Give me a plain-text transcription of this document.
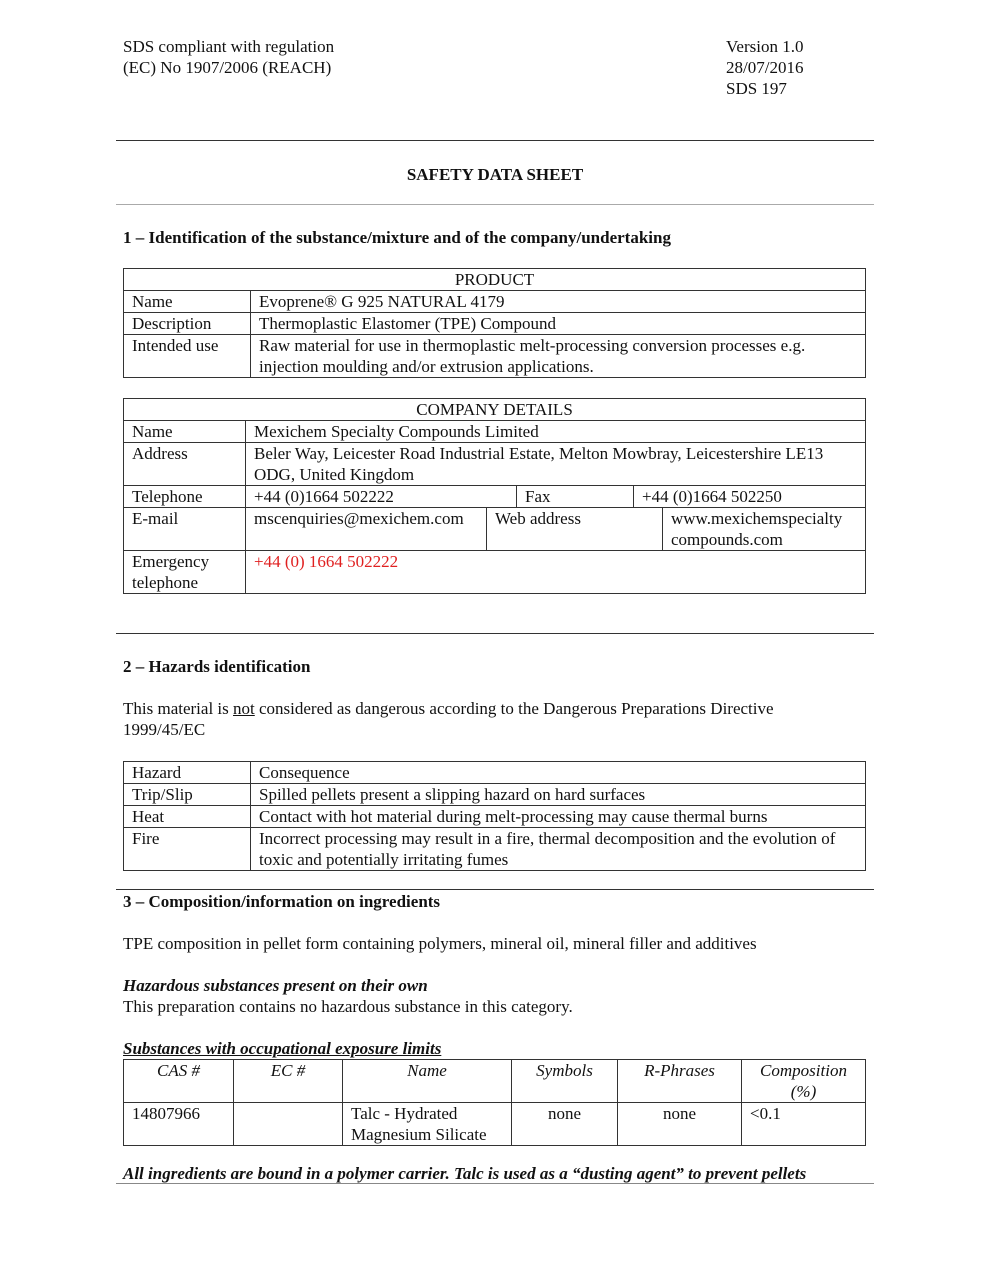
SDS compliant with regulation
(EC) No 1907/2006 (REACH)
Version 1.0
28/07/2016
SDS 197
SAFETY DATA SHEET
1 – Identification of the substance/mixture and of the company/undertaking
PRODUCT	
Name	Evoprene® G 925 NATURAL 4179
Description	Thermoplastic Elastomer (TPE) Compound
Intended use	Raw material for use in thermoplastic melt-processing conversion processes e.g. injection moulding and/or extrusion applications.
COMPANY DETAILS					
Name	Mexichem Specialty Compounds Limited				
Address	Beler Way, Leicester Road Industrial Estate, Melton Mowbray, Leicestershire LE13 ODG, United Kingdom				
Telephone	+44 (0)1664 502222		Fax	+44 (0)1664 502250	
E-mail	mscenquiries@mexichem.com	Web address			www.mexichemspecialty compounds.com
Emergency telephone	+44 (0) 1664 502222				
2 – Hazards identification
This material is not considered as dangerous according to the Dangerous Preparations Directive 1999/45/EC
Hazard	Consequence
Trip/Slip	Spilled pellets present a slipping hazard on hard surfaces
Heat	Contact with hot material during melt-processing may cause thermal burns
Fire	Incorrect processing may result in a fire, thermal decomposition and the evolution of toxic and potentially irritating fumes
3 – Composition/information on ingredients
TPE composition in pellet form containing polymers, mineral oil, mineral filler and additives
Hazardous substances present on their own
This preparation contains no hazardous substance in this category.
Substances with occupational exposure limits
CAS #	EC #	Name	Symbols	R-Phrases	Composition (%)
14807966		Talc - Hydrated Magnesium Silicate	none	none	<0.1
All ingredients are bound in a polymer carrier. Talc is used as a “dusting agent” to prevent pellets
